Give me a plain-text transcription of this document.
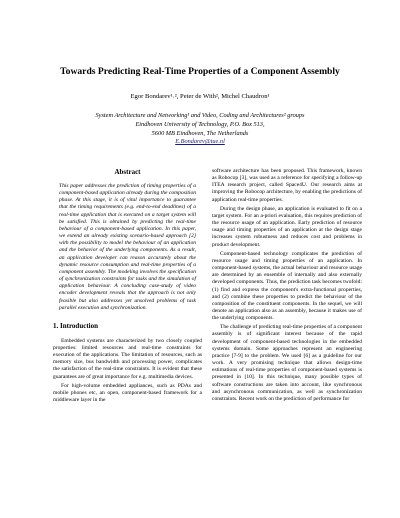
Towards Predicting Real-Time Properties of a Component Assembly
Egor Bondarev¹˒², Peter de With², Michel Chaudron¹
System Architecture and Networking¹ and Video, Coding and Architectures² groups
Eindhoven University of Technology, P.O. Box 513,
5600 MB Eindhoven, The Netherlands
E.Bondarev@tue.nl
Abstract
This paper addresses the prediction of timing properties of a component-based application already during the composition phase. At this stage, it is of vital importance to guarantee that the timing requirements (e.g. end-to-end deadlines) of a real-time application that is executed on a target system will be satisfied. This is obtained by predicting the real-time behaviour of a component-based application. In this paper, we extend an already existing scenario-based approach [2] with the possibility to model the behaviour of an application and the behavior of the underlying components. As a result, an application developer can reason accurately about the dynamic resource consumption and real-time properties of a component assembly. The modeling involves the specification of synchronization constraints for tasks and the simulation of application behaviour. A concluding case-study of video encoder development reveals that the approach is not only feasible but also addresses yet unsolved problems of task parallel execution and synchronization.
1. Introduction

Embedded systems are characterized by two closely coupled properties: limited resources and real-time constraints for execution of the applications. The limitation of resources, such as memory size, bus bandwidth and processing power, complicates the satisfaction of the real-time constraints. It is evident that these guarantees are of great importance for e.g. multimedia devices.

For high-volume embedded appliances, such as PDAs and mobile phones etc, an open, component-based framework for a middleware layer in the

software architecture has been proposed. This framework, known as Robocop [3], was used as a reference for specifying a follow-up ITEA research project, called Space4U. Our research aims at improving the Robocop architecture, by enabling the predictions of application real-time properties.

During the design phase, an application is evaluated to fit on a target system. For an a-priori evaluation, this requires prediction of the resource usage of an application. Early prediction of resource usage and timing properties of an application at the design stage increases system robustness and reduces cost and problems in product development.

Component-based technology complicates the prediction of resource usage and timing properties of an application. In component-based systems, the actual behaviour and resource usage are determined by an ensemble of internally and also externally developed components. Thus, the prediction task becomes twofold: (1) find and express the component's extra-functional properties, and (2) combine these properties to predict the behaviour of the composition of the constituent components. In the sequel, we will denote an application also as an assembly, because it makes use of the underlying components.

The challenge of predicting real-time properties of a component assembly is of significant interest because of the rapid development of component-based technologies in the embedded systems domain. Some approaches represent an engineering practice [7-9] to the problem. We used [6] as a guideline for our work. A very promising technique that allows design-time estimations of real-time properties of component-based systems is presented in [10]. In this technique, many possible types of software constructions are taken into account, like synchronous and asynchronous communication, as well as synchronization constraints. Recent work on the prediction of performance for
